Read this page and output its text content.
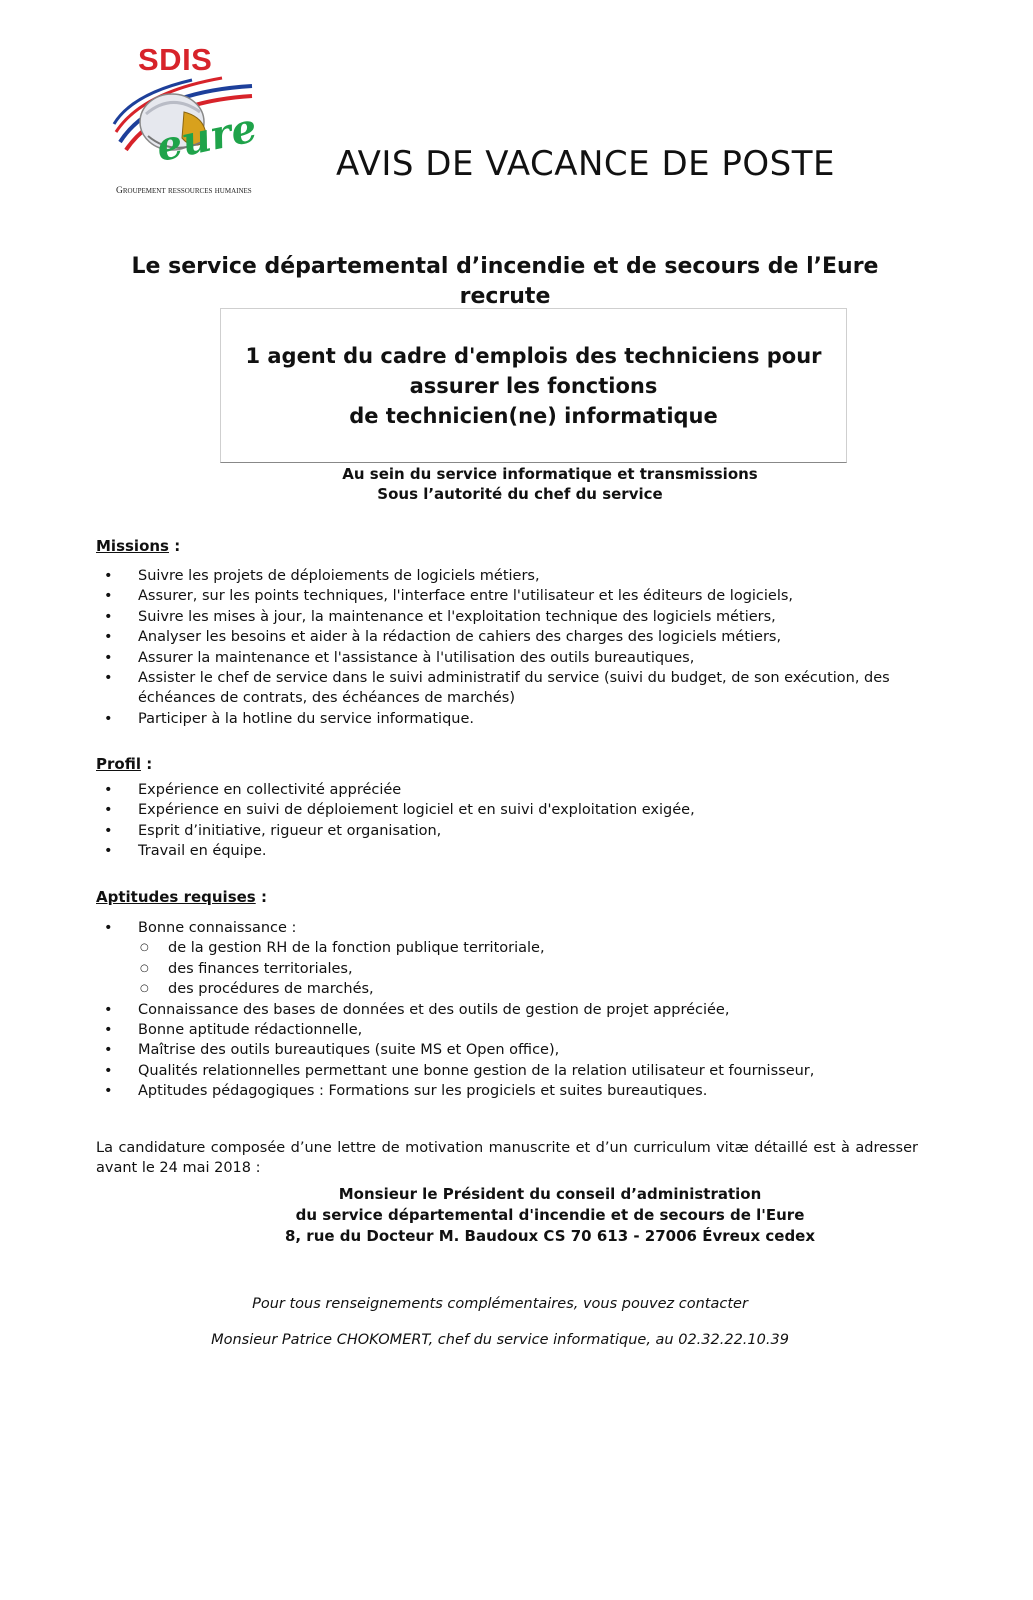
SDIS
eure
Groupement ressources humaines
AVIS DE VACANCE DE POSTE
Le service départemental d’incendie et de secours de l’Eure
recrute
1 agent du cadre d'emplois des techniciens pour
assurer les fonctions
de technicien(ne) informatique
Au sein du service informatique et transmissions
Sous l’autorité du chef du service
Missions :
• Suivre les projets de déploiements de logiciels métiers,
• Assurer, sur les points techniques, l'interface entre l'utilisateur et les éditeurs de logiciels,
• Suivre les mises à jour, la maintenance et l'exploitation technique des logiciels métiers,
• Analyser les besoins et aider à la rédaction de cahiers des charges des logiciels métiers,
• Assurer la maintenance et l'assistance à l'utilisation des outils bureautiques,
• Assister le chef de service dans le suivi administratif du service (suivi du budget, de son exécution, des échéances de contrats, des échéances de marchés)
• Participer à la hotline du service informatique.
Profil :
• Expérience en collectivité appréciée
• Expérience en suivi de déploiement logiciel et en suivi d'exploitation exigée,
• Esprit d’initiative, rigueur et organisation,
• Travail en équipe.
Aptitudes requises :
• Bonne connaissance :
○ de la gestion RH de la fonction publique territoriale,
○ des finances territoriales,
○ des procédures de marchés,
• Connaissance des bases de données et des outils de gestion de projet appréciée,
• Bonne aptitude rédactionnelle,
• Maîtrise des outils bureautiques (suite MS et Open office),
• Qualités relationnelles permettant une bonne gestion de la relation utilisateur et fournisseur,
• Aptitudes pédagogiques : Formations sur les progiciels et suites bureautiques.
La candidature composée d’une lettre de motivation manuscrite et d’un curriculum vitæ détaillé est à adresser avant le 24 mai 2018 :
Monsieur le Président du conseil d’administration
du service départemental d'incendie et de secours de l'Eure
8, rue du Docteur M. Baudoux CS 70 613 - 27006 Évreux cedex
Pour tous renseignements complémentaires, vous pouvez contacter
Monsieur Patrice CHOKOMERT, chef du service informatique, au 02.32.22.10.39
